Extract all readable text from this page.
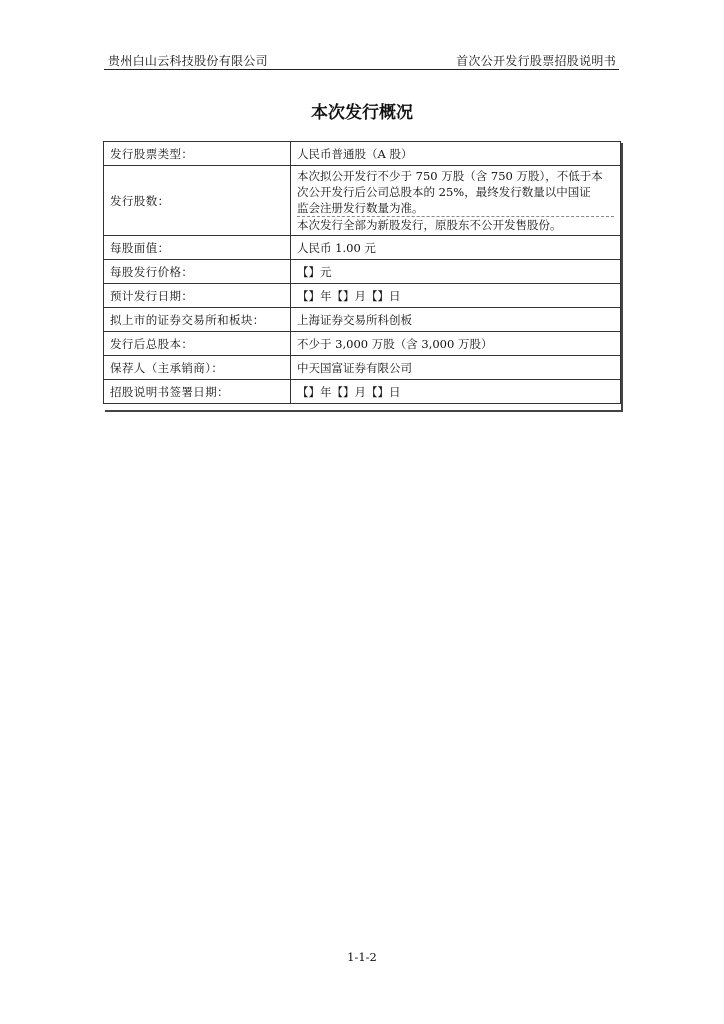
贵州白山云科技股份有限公司	首次公开发行股票招股说明书
本次发行概况
发行股票类型：	人民币普通股（A 股）
发行股数：	本次拟公开发行不少于 750 万股（含 750 万股），不低于本
次公开发行后公司总股本的 25%，最终发行数量以中国证
监会注册发行数量为准。
本次发行全部为新股发行，原股东不公开发售股份。

每股面值：	人民币 1.00 元
每股发行价格：	【】元
预计发行日期：	【】年【】月【】日
拟上市的证券交易所和板块：	上海证券交易所科创板
发行后总股本：	不少于 3,000 万股（含 3,000 万股）
保荐人（主承销商）：	中天国富证券有限公司
招股说明书签署日期：	【】年【】月【】日
1-1-2
